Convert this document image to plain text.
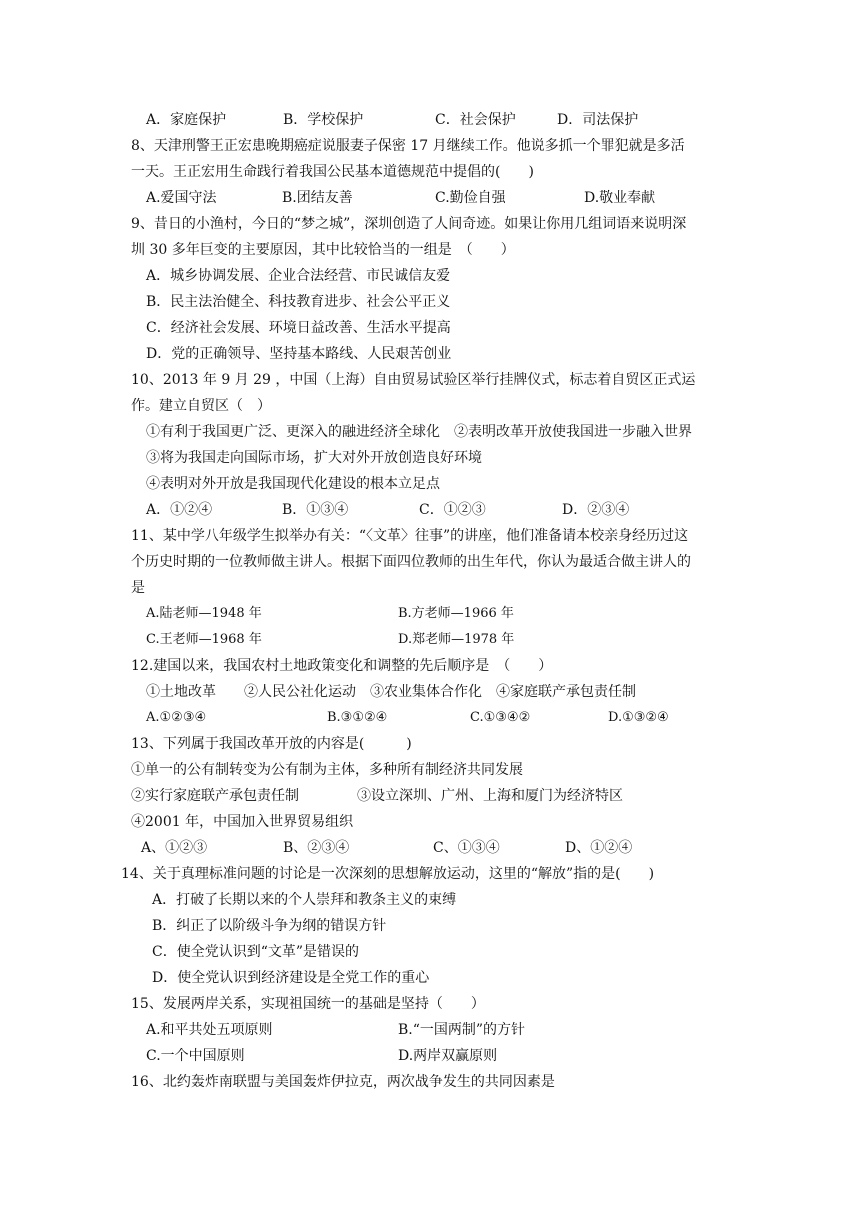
A．家庭保护	B．学校保护	C．社会保护	D．司法保护
8、天津刑警王正宏患晚期癌症说服妻子保密 17 月继续工作。他说多抓一个罪犯就是多活
一天。王正宏用生命践行着我国公民基本道德规范中提倡的(　　)
A.爱国守法	B.团结友善	C.勤俭自强	D.敬业奉献
9、昔日的小渔村，今日的“梦之城”，深圳创造了人间奇迹。如果让你用几组词语来说明深
圳 30 多年巨变的主要原因，其中比较恰当的一组是　（　　）
A．城乡协调发展、企业合法经营、市民诚信友爱
B．民主法治健全、科技教育进步、社会公平正义
C．经济社会发展、环境日益改善、生活水平提高
D．党的正确领导、坚持基本路线、人民艰苦创业
10、2013 年 9 月 29 ，中国（上海）自由贸易试验区举行挂牌仪式，标志着自贸区正式运
作。建立自贸区（　）
①有利于我国更广泛、更深入的融进经济全球化　②表明改革开放使我国进一步融入世界
③将为我国走向国际市场，扩大对外开放创造良好环境
④表明对外开放是我国现代化建设的根本立足点
A．①②④	B．①③④	C．①②③	D．②③④
11、某中学八年级学生拟举办有关：“〈文革〉往事”的讲座，他们准备请本校亲身经历过这
个历史时期的一位教师做主讲人。根据下面四位教师的出生年代，你认为最适合做主讲人的
是
A.陆老师—1948 年	B.方老师—1966 年
C.王老师—1968 年	D.郑老师—1978 年
12.建国以来，我国农村土地政策变化和调整的先后顺序是　（　　）
①土地改革　　②人民公社化运动　③农业集体合作化　④家庭联产承包责任制
A.①②③④	B.③①②④	C.①③④②	D.①③②④
13、下列属于我国改革开放的内容是(　　　)
①单一的公有制转变为公有制为主体，多种所有制经济共同发展
②实行家庭联产承包责任制	③设立深圳、广州、上海和厦门为经济特区
④2001 年，中国加入世界贸易组织
A、①②③	B、②③④	C、①③④	D、①②④
14、关于真理标准问题的讨论是一次深刻的思想解放运动，这里的“解放”指的是(　　)
A．打破了长期以来的个人崇拜和教条主义的束缚
B．纠正了以阶级斗争为纲的错误方针
C．使全党认识到“文革”是错误的
D．使全党认识到经济建设是全党工作的重心
15、发展两岸关系，实现祖国统一的基础是坚持（　　）
A.和平共处五项原则	B.“一国两制”的方针
C.一个中国原则	D.两岸双赢原则
16、北约轰炸南联盟与美国轰炸伊拉克，两次战争发生的共同因素是
